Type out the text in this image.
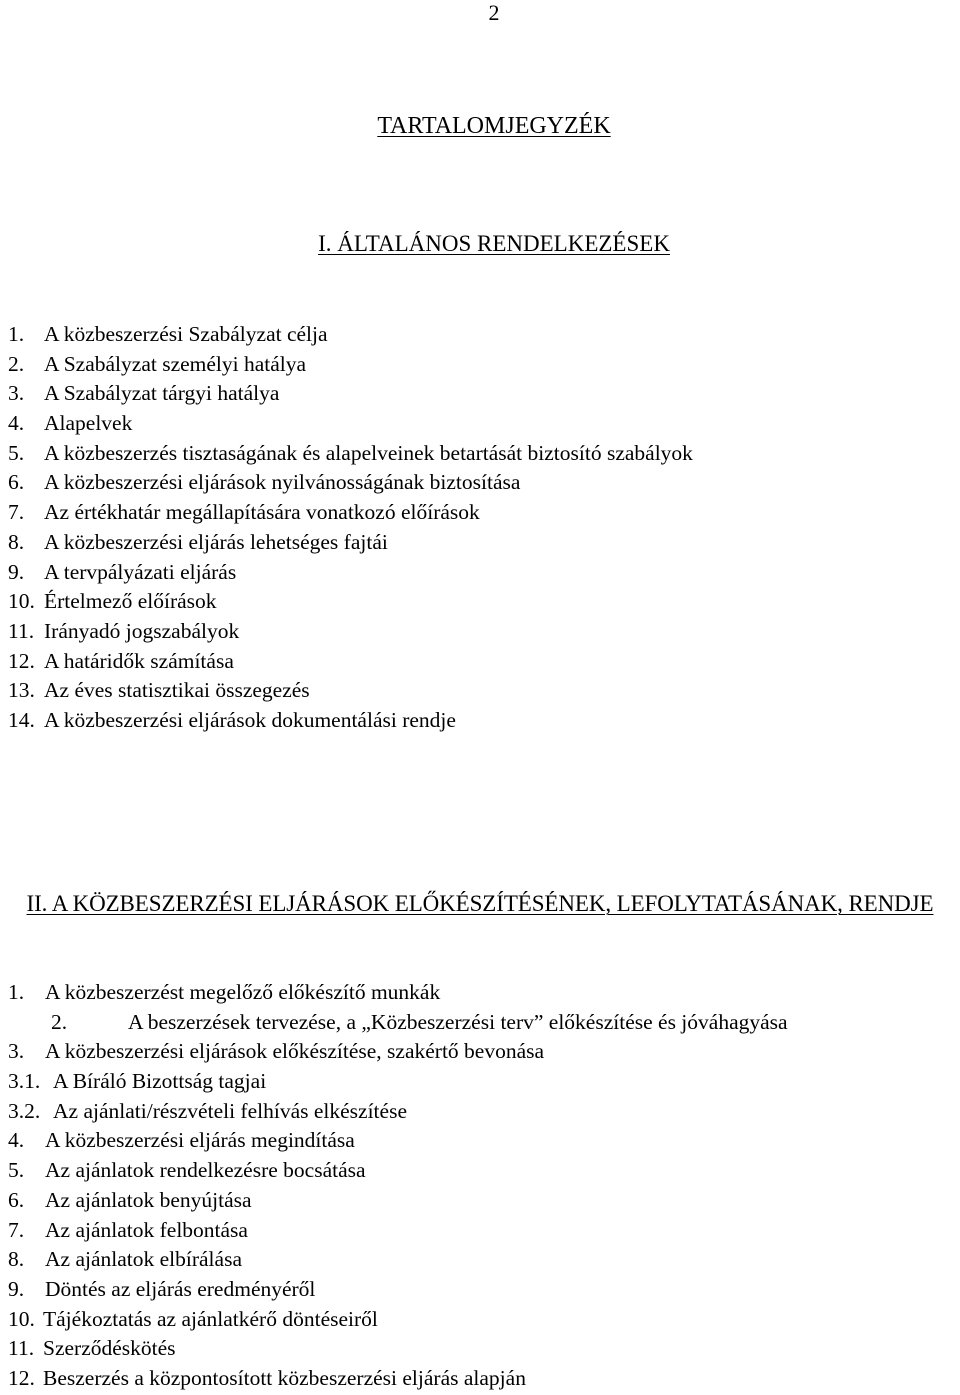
2
TARTALOMJEGYZÉK
I. ÁLTALÁNOS RENDELKEZÉSEK
1. A közbeszerzési Szabályzat célja
2. A Szabályzat személyi hatálya
3. A Szabályzat tárgyi hatálya
4. Alapelvek
5. A közbeszerzés tisztaságának és alapelveinek betartását biztosító szabályok
6. A közbeszerzési eljárások nyilvánosságának biztosítása
7. Az értékhatár megállapítására vonatkozó előírások
8. A közbeszerzési eljárás lehetséges fajtái
9. A tervpályázati eljárás
10. Értelmező előírások
11. Irányadó jogszabályok
12. A határidők számítása
13. Az éves statisztikai összegezés
14. A közbeszerzési eljárások dokumentálási rendje
II. A KÖZBESZERZÉSI ELJÁRÁSOK ELŐKÉSZÍTÉSÉNEK, LEFOLYTATÁSÁNAK, RENDJE
1. A közbeszerzést megelőző előkészítő munkák
2.	A beszerzések tervezése, a „Közbeszerzési terv” előkészítése és jóváhagyása
3. A közbeszerzési eljárások előkészítése, szakértő bevonása
3.1. A Bíráló Bizottság tagjai
3.2. Az ajánlati/részvételi felhívás elkészítése
4. A közbeszerzési eljárás megindítása
5. Az ajánlatok rendelkezésre bocsátása
6. Az ajánlatok benyújtása
7. Az ajánlatok felbontása
8. Az ajánlatok elbírálása
9. Döntés az eljárás eredményéről
10. Tájékoztatás az ajánlatkérő döntéseiről
11. Szerződéskötés
12. Beszerzés a központosított közbeszerzési eljárás alapján
